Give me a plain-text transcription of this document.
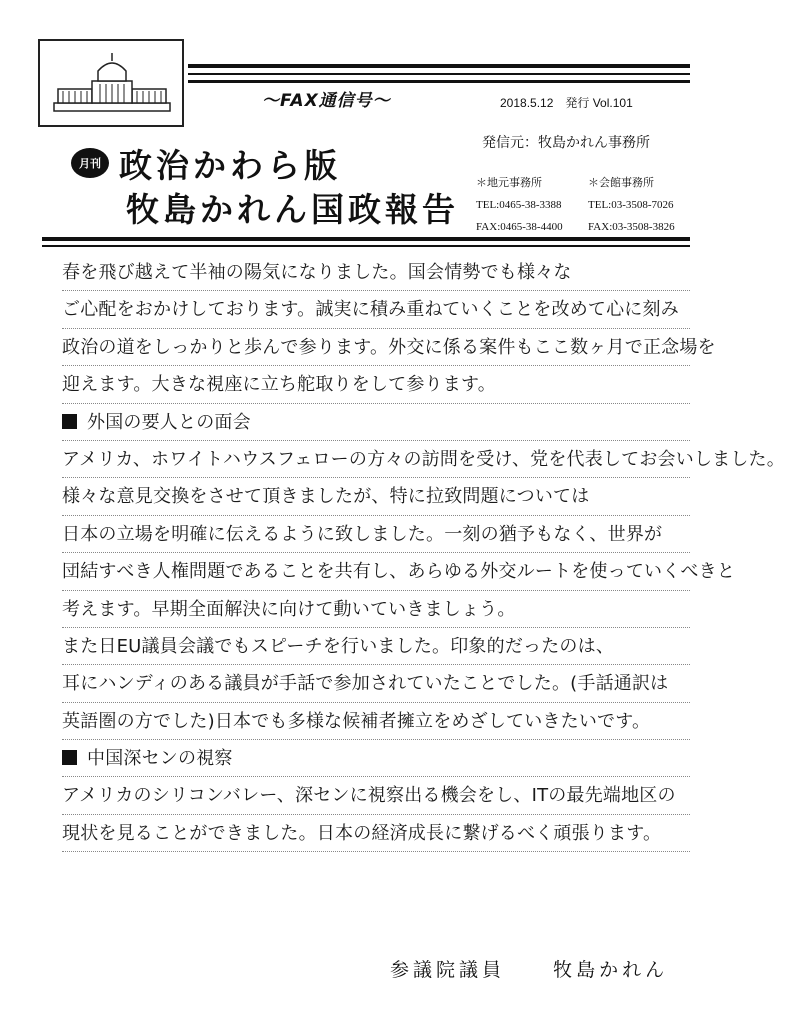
～FAX通信号～	2018.5.12　発行 Vol.101
発信元：牧島かれん事務所
月刊 政治かわら版
牧島かれん国政報告
＊地元事務所
TEL:0465-38-3388
FAX:0465-38-4400
＊会館事務所
TEL:03-3508-7026
FAX:03-3508-3826
春を飛び越えて半袖の陽気になりました。国会情勢でも様々な
ご心配をおかけしております。誠実に積み重ねていくことを改めて心に刻み
政治の道をしっかりと歩んで参ります。外交に係る案件もここ数ヶ月で正念場を
迎えます。大きな視座に立ち舵取りをして参ります。
外国の要人との面会
アメリカ、ホワイトハウスフェローの方々の訪問を受け、党を代表してお会いしました。
様々な意見交換をさせて頂きましたが、特に拉致問題については
日本の立場を明確に伝えるように致しました。一刻の猶予もなく、世界が
団結すべき人権問題であることを共有し、あらゆる外交ルートを使っていくべきと
考えます。早期全面解決に向けて動いていきましょう。
また日EU議員会議でもスピーチを行いました。印象的だったのは、
耳にハンディのある議員が手話で参加されていたことでした。(手話通訳は
英語圏の方でした)日本でも多様な候補者擁立をめざしていきたいです。
中国深センの視察
アメリカのシリコンバレー、深センに視察出る機会をし、ITの最先端地区の
現状を見ることができました。日本の経済成長に繋げるべく頑張ります。
参議院議員	牧島かれん
